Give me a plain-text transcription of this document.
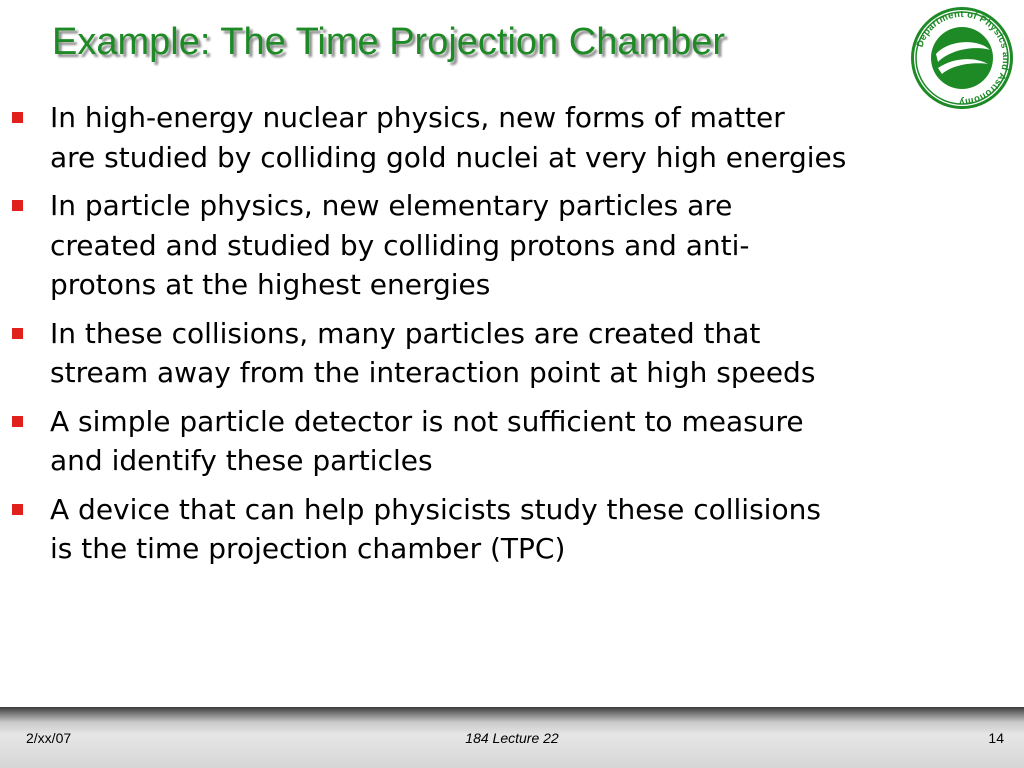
Example: The Time Projection Chamber	Department of Physics and Astronomy
In high-energy nuclear physics, new forms of matter
are studied by colliding gold nuclei at very high energies
In particle physics, new elementary particles are
created and studied by colliding protons and anti-
protons at the highest energies
In these collisions, many particles are created that
stream away from the interaction point at high speeds
A simple particle detector is not sufficient to measure
and identify these particles
A device that can help physicists study these collisions
is the time projection chamber (TPC)
2/xx/07	184 Lecture 22	14
